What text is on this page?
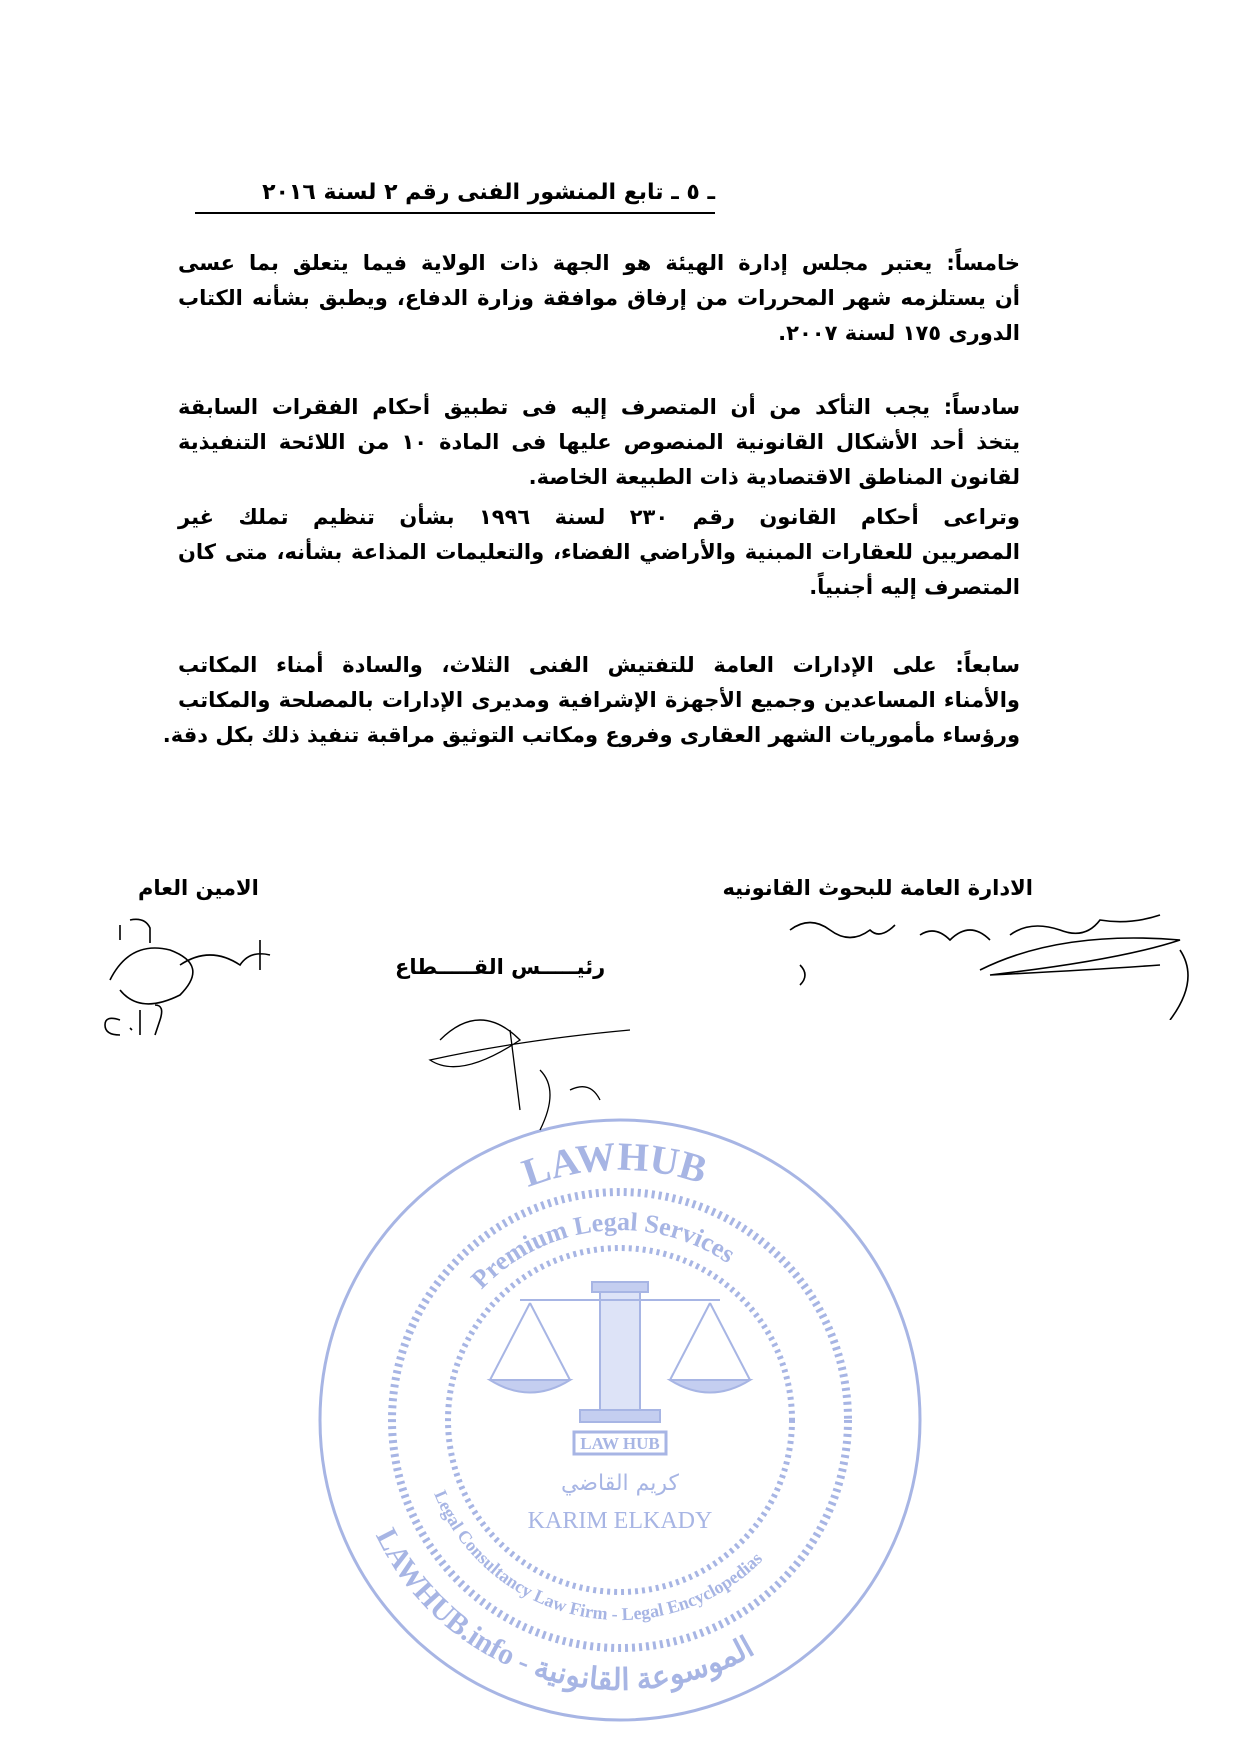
LAW HUB
كريم القاضي
KARIM ELKADY
LAWHUB
Premium Legal Services
LAWHUB.info - الموسوعة القانونية
Legal Consultancy Law Firm - Legal Encyclopedias
ـ ٥ ـ تابع المنشور الفنى رقم ٢ لسنة ٢٠١٦
خامساً: يعتبر مجلس إدارة الهيئة هو الجهة ذات الولاية فيما يتعلق بما عسى
أن يستلزمه شهر المحررات من إرفاق موافقة وزارة الدفاع، ويطبق بشأنه الكتاب
الدورى ١٧٥ لسنة ٢٠٠٧.
سادساً: يجب التأكد من أن المتصرف إليه فى تطبيق أحكام الفقرات السابقة
يتخذ أحد الأشكال القانونية المنصوص عليها فى المادة ١٠ من اللائحة التنفيذية
لقانون المناطق الاقتصادية ذات الطبيعة الخاصة.
وتراعى أحكام القانون رقم ٢٣٠ لسنة ١٩٩٦ بشأن تنظيم تملك غير
المصريين للعقارات المبنية والأراضي الفضاء، والتعليمات المذاعة بشأنه، متى كان
المتصرف إليه أجنبياً.
سابعاً: على الإدارات العامة للتفتيش الفنى الثلاث، والسادة أمناء المكاتب
والأمناء المساعدين وجميع الأجهزة الإشرافية ومديرى الإدارات بالمصلحة والمكاتب
ورؤساء مأموريات الشهر العقارى وفروع ومكاتب التوثيق مراقبة تنفيذ ذلك بكل دقة.
الادارة العامة للبحوث القانونيه
الامين العام
رئيـــــس القـــــطاع
